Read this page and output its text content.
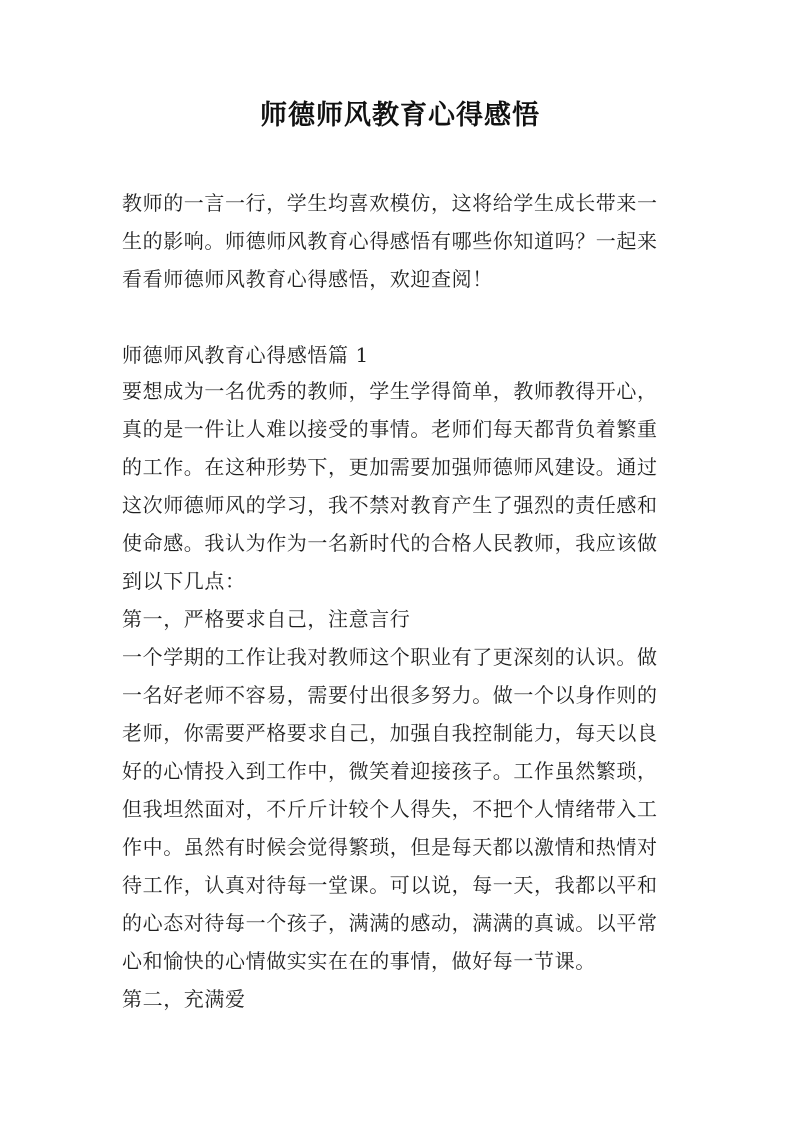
师德师风教育心得感悟
教师的一言一行，学生均喜欢模仿，这将给学生成长带来一
生的影响。师德师风教育心得感悟有哪些你知道吗？一起来
看看师德师风教育心得感悟，欢迎查阅！
师德师风教育心得感悟篇 1
要想成为一名优秀的教师，学生学得简单，教师教得开心，
真的是一件让人难以接受的事情。老师们每天都背负着繁重
的工作。在这种形势下，更加需要加强师德师风建设。通过
这次师德师风的学习，我不禁对教育产生了强烈的责任感和
使命感。我认为作为一名新时代的合格人民教师，我应该做
到以下几点：
第一，严格要求自己，注意言行
一个学期的工作让我对教师这个职业有了更深刻的认识。做
一名好老师不容易，需要付出很多努力。做一个以身作则的
老师，你需要严格要求自己，加强自我控制能力，每天以良
好的心情投入到工作中，微笑着迎接孩子。工作虽然繁琐，
但我坦然面对，不斤斤计较个人得失，不把个人情绪带入工
作中。虽然有时候会觉得繁琐，但是每天都以激情和热情对
待工作，认真对待每一堂课。可以说，每一天，我都以平和
的心态对待每一个孩子，满满的感动，满满的真诚。以平常
心和愉快的心情做实实在在的事情，做好每一节课。
第二，充满爱
